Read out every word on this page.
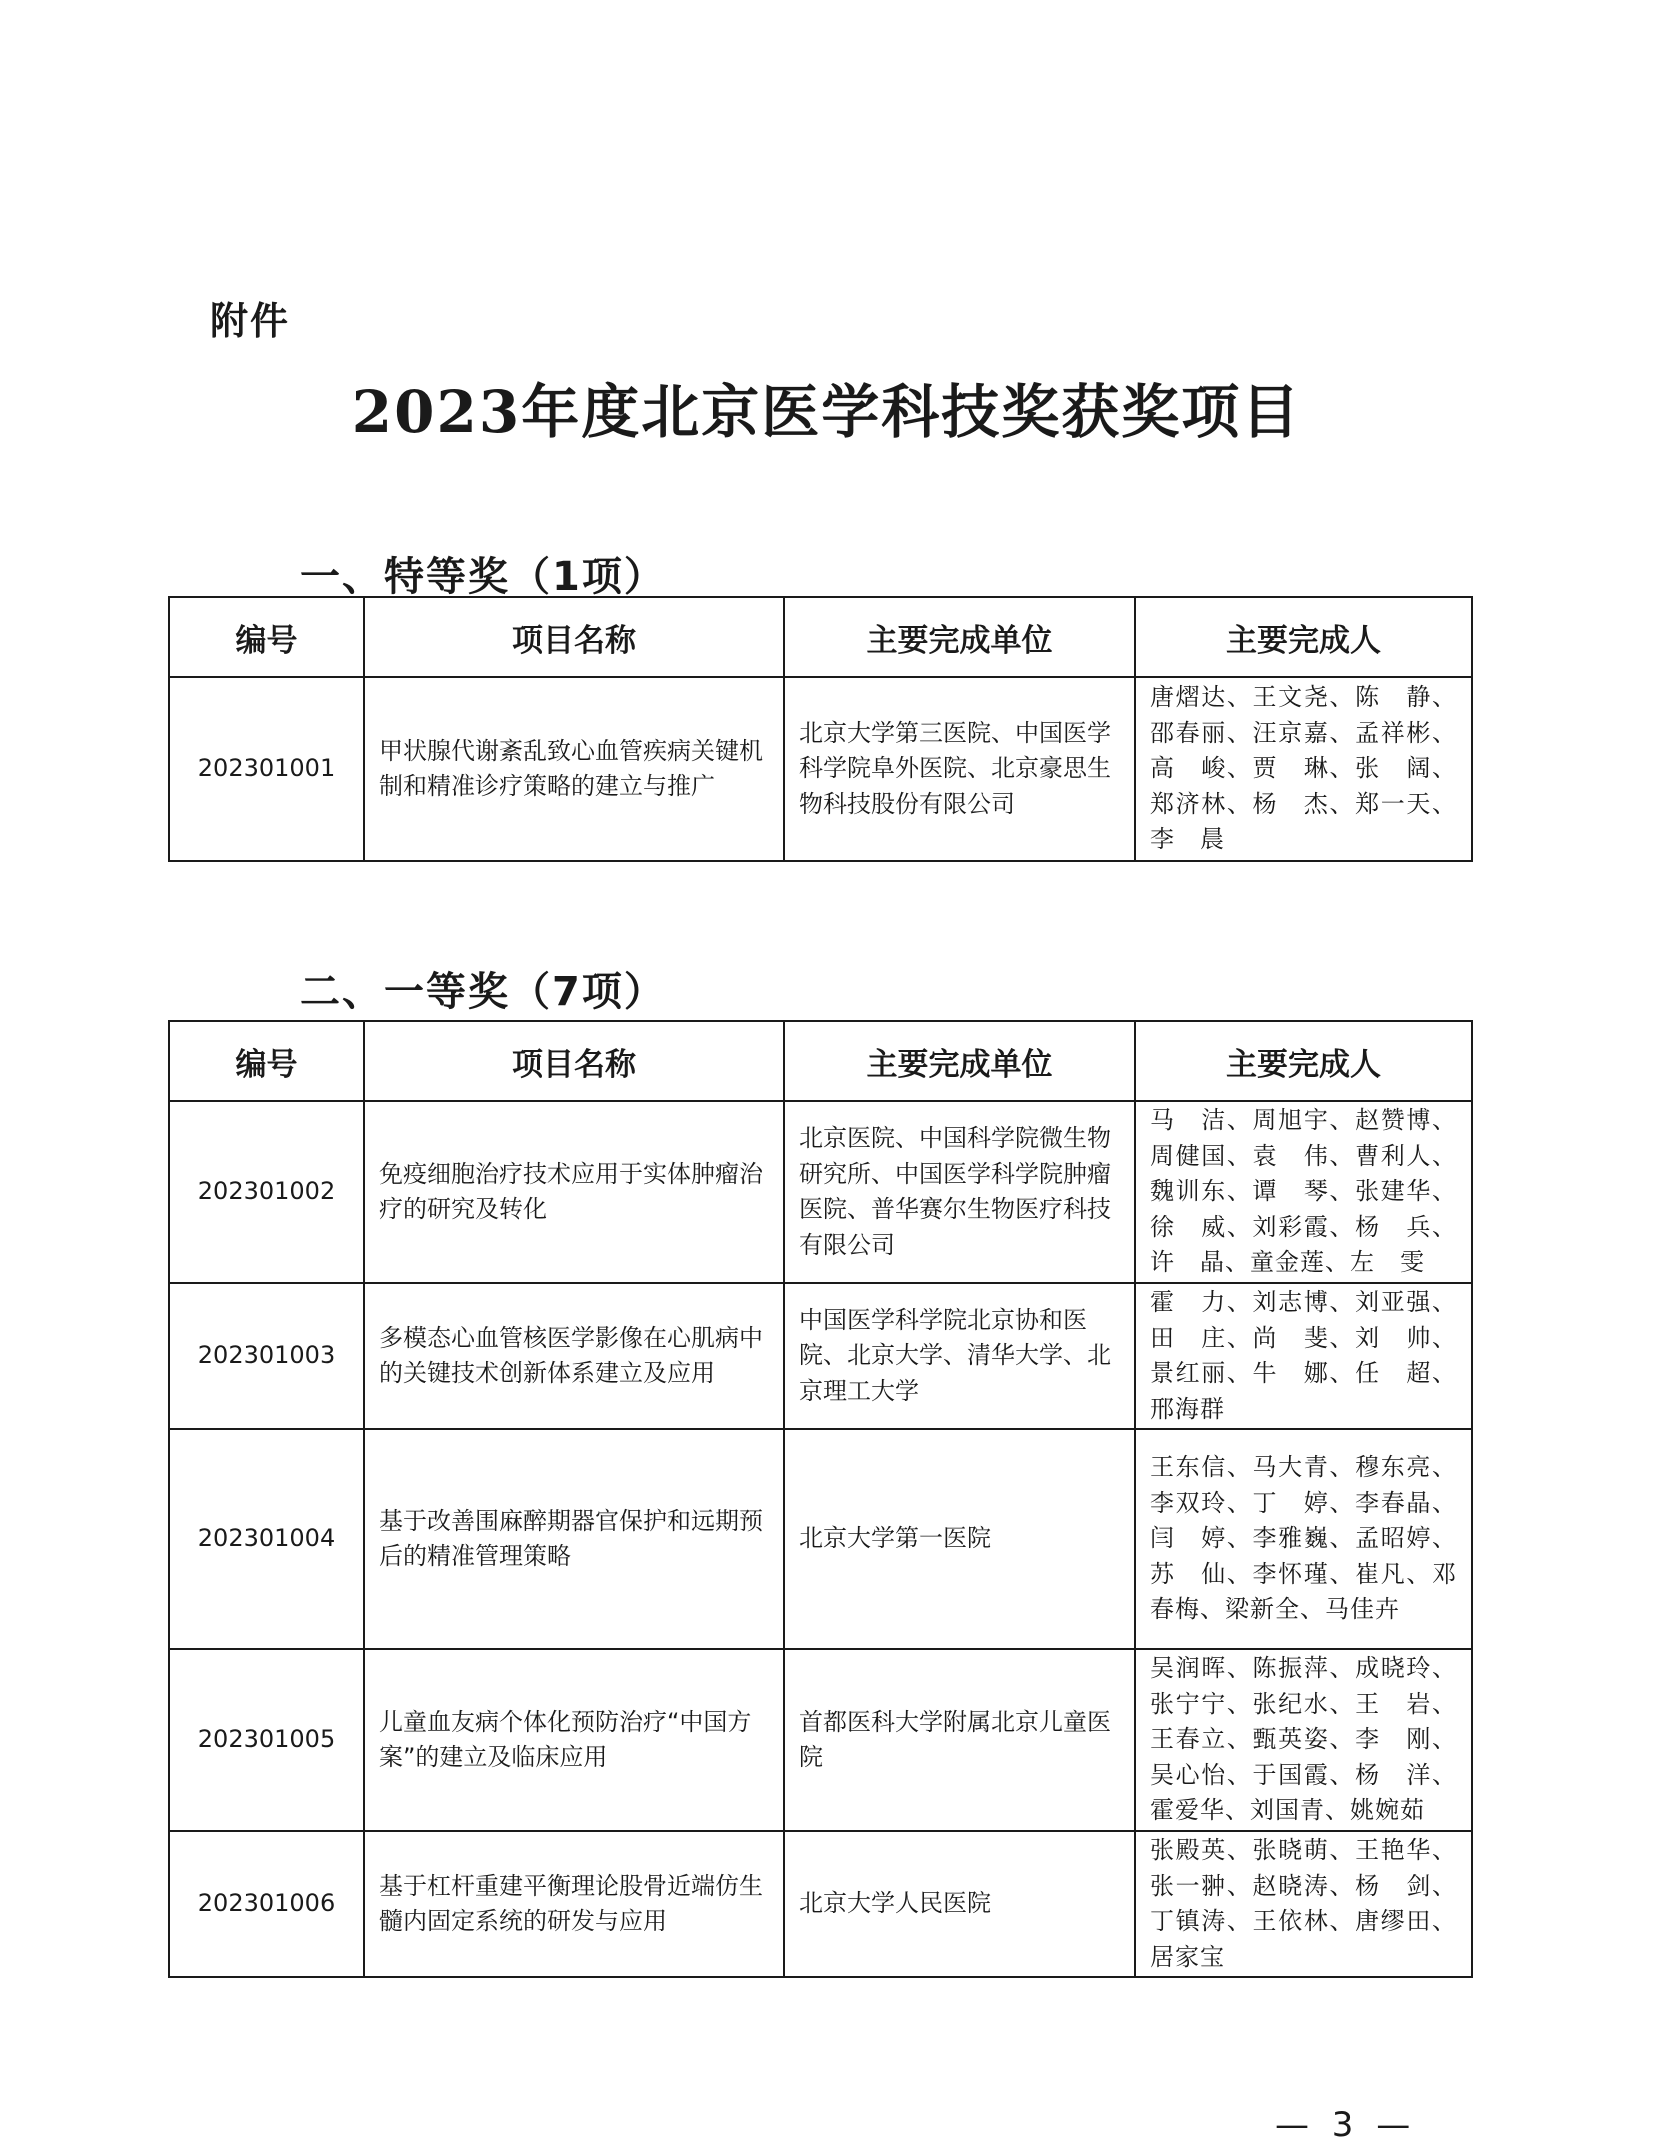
附件
2023年度北京医学科技奖获奖项目
一、特等奖（1项）
编号	项目名称	主要完成单位	主要完成人
202301001	甲状腺代谢紊乱致心血管疾病关键机制和精准诊疗策略的建立与推广	北京大学第三医院、中国医学科学院阜外医院、北京豪思生物科技股份有限公司	唐熠达、王文尧、陈　静、邵春丽、汪京嘉、孟祥彬、高　峻、贾　琳、张　阔、郑济林、杨　杰、郑一天、李　晨
二、一等奖（7项）
编号	项目名称	主要完成单位	主要完成人
202301002	免疫细胞治疗技术应用于实体肿瘤治疗的研究及转化	北京医院、中国科学院微生物研究所、中国医学科学院肿瘤医院、普华赛尔生物医疗科技有限公司	马　洁、周旭宇、赵赞博、周健国、袁　伟、曹利人、魏训东、谭　琴、张建华、徐　威、刘彩霞、杨　兵、许　晶、童金莲、左　雯
202301003	多模态心血管核医学影像在心肌病中的关键技术创新体系建立及应用	中国医学科学院北京协和医院、北京大学、清华大学、北京理工大学	霍　力、刘志博、刘亚强、田　庄、尚　斐、刘　帅、景红丽、牛　娜、任　超、邢海群
202301004	基于改善围麻醉期器官保护和远期预后的精准管理策略	北京大学第一医院	王东信、马大青、穆东亮、李双玲、丁　婷、李春晶、闫　婷、李雅巍、孟昭婷、苏　仙、李怀瑾、崔凡、邓春梅、梁新全、马佳卉
202301005	儿童血友病个体化预防治疗“中国方案”的建立及临床应用	首都医科大学附属北京儿童医院	吴润晖、陈振萍、成晓玲、张宁宁、张纪水、王　岩、王春立、甄英姿、李　刚、吴心怡、于国霞、杨　洋、霍爱华、刘国青、姚婉茹
202301006	基于杠杆重建平衡理论股骨近端仿生髓内固定系统的研发与应用	北京大学人民医院	张殿英、张晓萌、王艳华、张一翀、赵晓涛、杨　剑、丁镇涛、王依林、唐缪田、居家宝
— 3 —
